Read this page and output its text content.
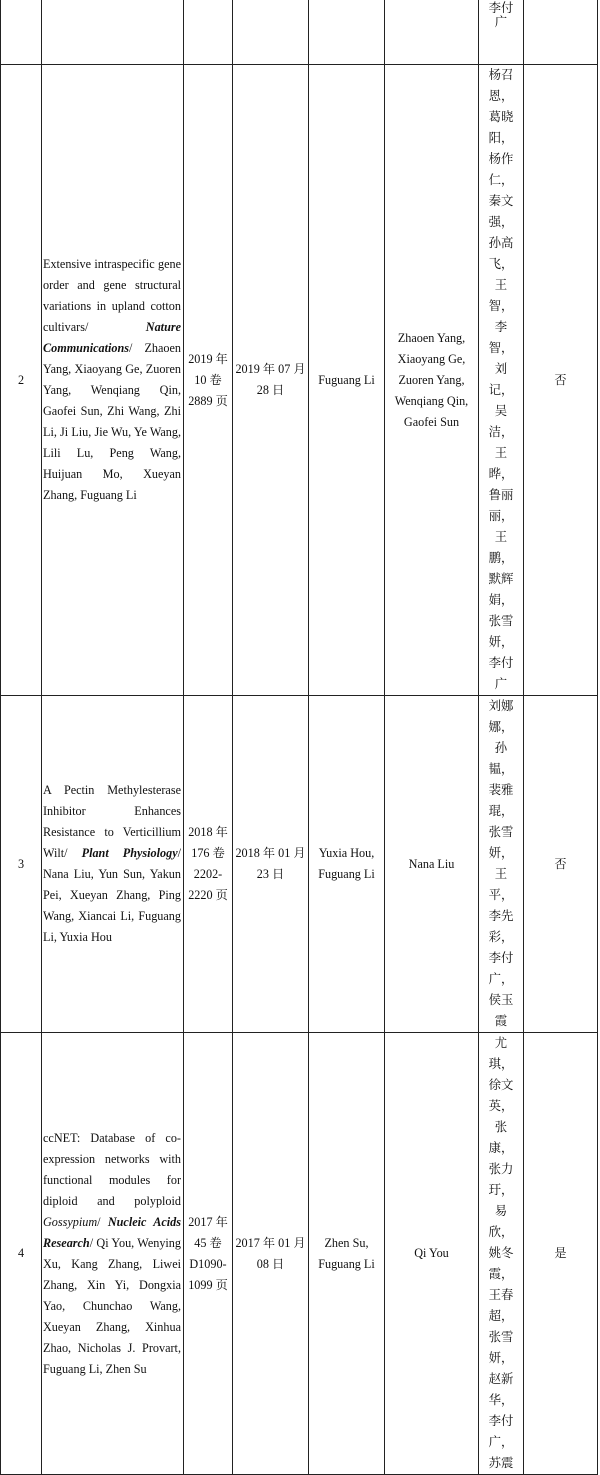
						李付广	
2	Extensive intraspecific gene order and gene structural variations in upland cotton cultivars/ Nature Communications/ Zhaoen Yang, Xiaoyang Ge, Zuoren Yang, Wenqiang Qin, Gaofei Sun, Zhi Wang, Zhi Li, Ji Liu, Jie Wu, Ye Wang, Lili Lu, Peng Wang, Huijuan Mo, Xueyan Zhang, Fuguang Li	2019 年 10 卷 2889 页	2019 年 07 月 28 日	Fuguang Li	Zhaoen Yang, Xiaoyang Ge, Zuoren Yang, Wenqiang Qin, Gaofei Sun	杨召恩，葛晓阳，杨作仁，秦文强，孙高飞，王智，李智，刘记，吴洁，王晔，鲁丽丽，王鹏，默辉娟，张雪妍，李付广	否
3	A Pectin Methylesterase Inhibitor Enhances Resistance to Verticillium Wilt/ Plant Physiology/ Nana Liu, Yun Sun, Yakun Pei, Xueyan Zhang, Ping Wang, Xiancai Li, Fuguang Li, Yuxia Hou	2018 年 176 卷 2202-2220 页	2018 年 01 月 23 日	Yuxia Hou, Fuguang Li	Nana Liu	刘娜娜，孙韫，裴雅琨，张雪妍，王平，李先彩，李付广，侯玉霞	否
4	ccNET: Database of co-expression networks with functional modules for diploid and polyploid Gossypium/ Nucleic Acids Research/ Qi You, Wenying Xu, Kang Zhang, Liwei Zhang, Xin Yi, Dongxia Yao, Chunchao Wang, Xueyan Zhang, Xinhua Zhao, Nicholas J. Provart, Fuguang Li, Zhen Su	2017 年 45 卷 D1090-1099 页	2017 年 01 月 08 日	Zhen Su, Fuguang Li	Qi You	尤琪，徐文英，张康，张力玗，易欣，姚冬霞，王春超，张雪妍，赵新华，李付广，苏震	是
